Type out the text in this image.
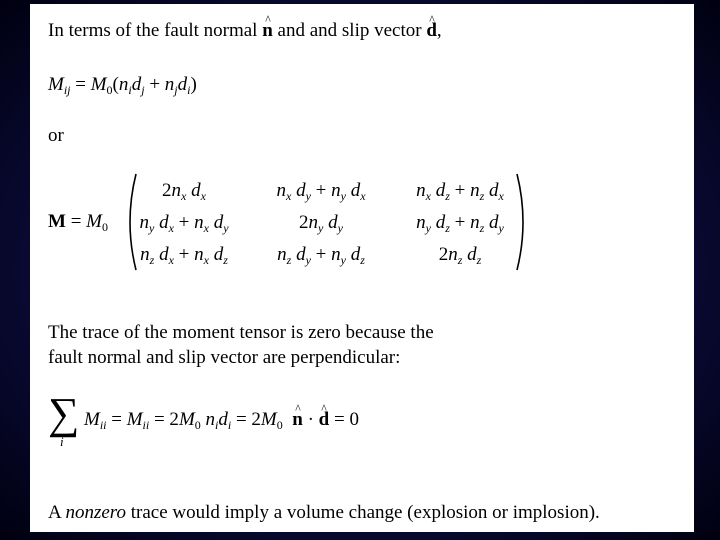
In terms of the fault normal ^ n and and slip vector ^ d,
$M_{ij} = M_0(n_id_j + n_jd_i)$
or
$M = M_0$
$2n_x$ $d_x$	$n_x$ $d_y + n_y$ $d_x$	$n_x$ $d_z + n_z$ $d_x$
$n_y$ $d_x + n_x$ $d_y$	$2n_y$ $d_y$	$n_y$ $d_z + n_z$ $d_y$
$n_z$ $d_x + n_x$ $d_z$	$n_z$ $d_y + n_y$ $d_z$	$2n_z$ $d_z$
The trace of the moment tensor is zero because the
fault normal and slip vector are perpendicular:
∑
i
$M_{ii} = M_{ii} = 2M_0$ $n_id_i = 2M_0$  ^ n · ^ d = 0
A nonzero trace would imply a volume change (explosion or implosion).
